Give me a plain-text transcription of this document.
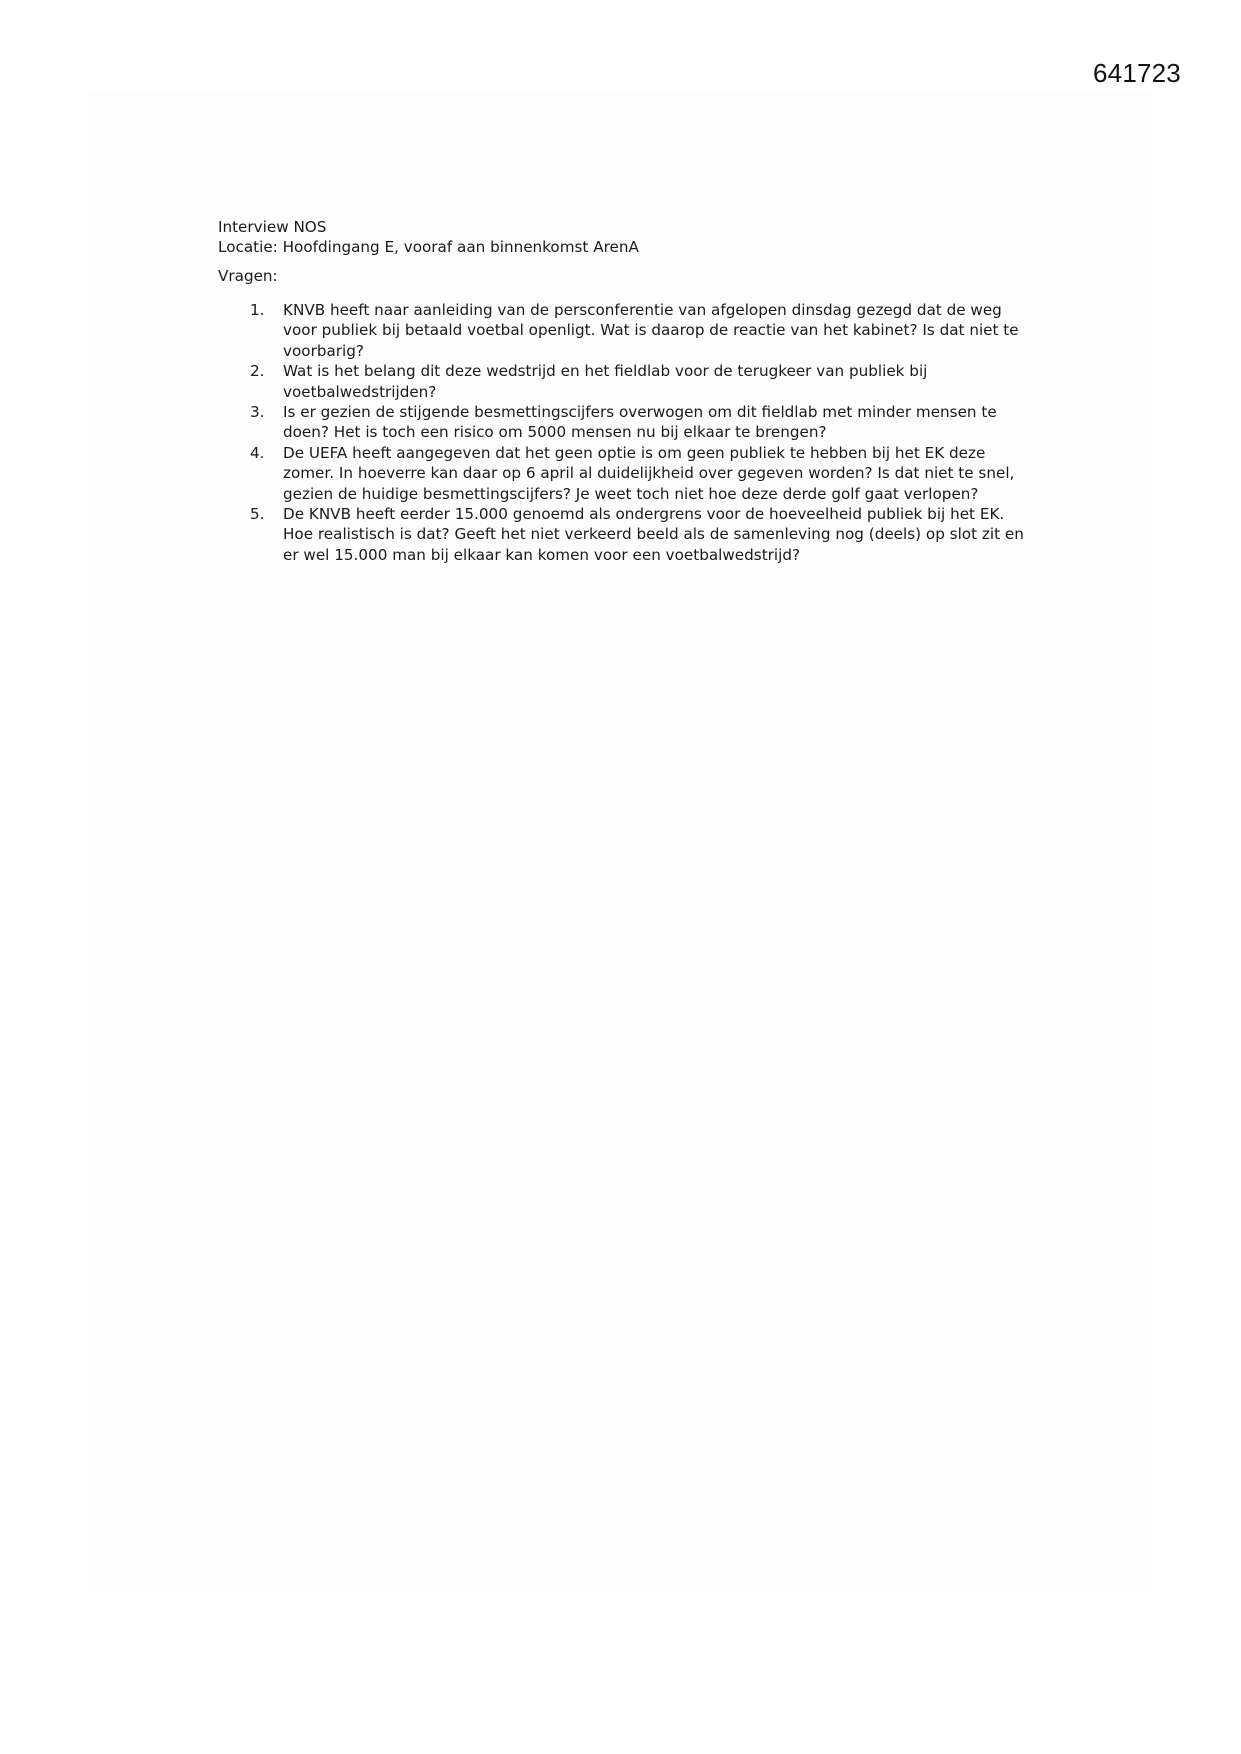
641723
Interview NOS
Locatie: Hoofdingang E, vooraf aan binnenkomst ArenA
Vragen:
1. KNVB heeft naar aanleiding van de persconferentie van afgelopen dinsdag gezegd dat de weg voor publiek bij betaald voetbal openligt. Wat is daarop de reactie van het kabinet? Is dat niet te voorbarig?
2. Wat is het belang dit deze wedstrijd en het fieldlab voor de terugkeer van publiek bij voetbalwedstrijden?
3. Is er gezien de stijgende besmettingscijfers overwogen om dit fieldlab met minder mensen te doen? Het is toch een risico om 5000 mensen nu bij elkaar te brengen?
4. De UEFA heeft aangegeven dat het geen optie is om geen publiek te hebben bij het EK deze zomer. In hoeverre kan daar op 6 april al duidelijkheid over gegeven worden? Is dat niet te snel, gezien de huidige besmettingscijfers? Je weet toch niet hoe deze derde golf gaat verlopen?
5. De KNVB heeft eerder 15.000 genoemd als ondergrens voor de hoeveelheid publiek bij het EK. Hoe realistisch is dat? Geeft het niet verkeerd beeld als de samenleving nog (deels) op slot zit en er wel 15.000 man bij elkaar kan komen voor een voetbalwedstrijd?
